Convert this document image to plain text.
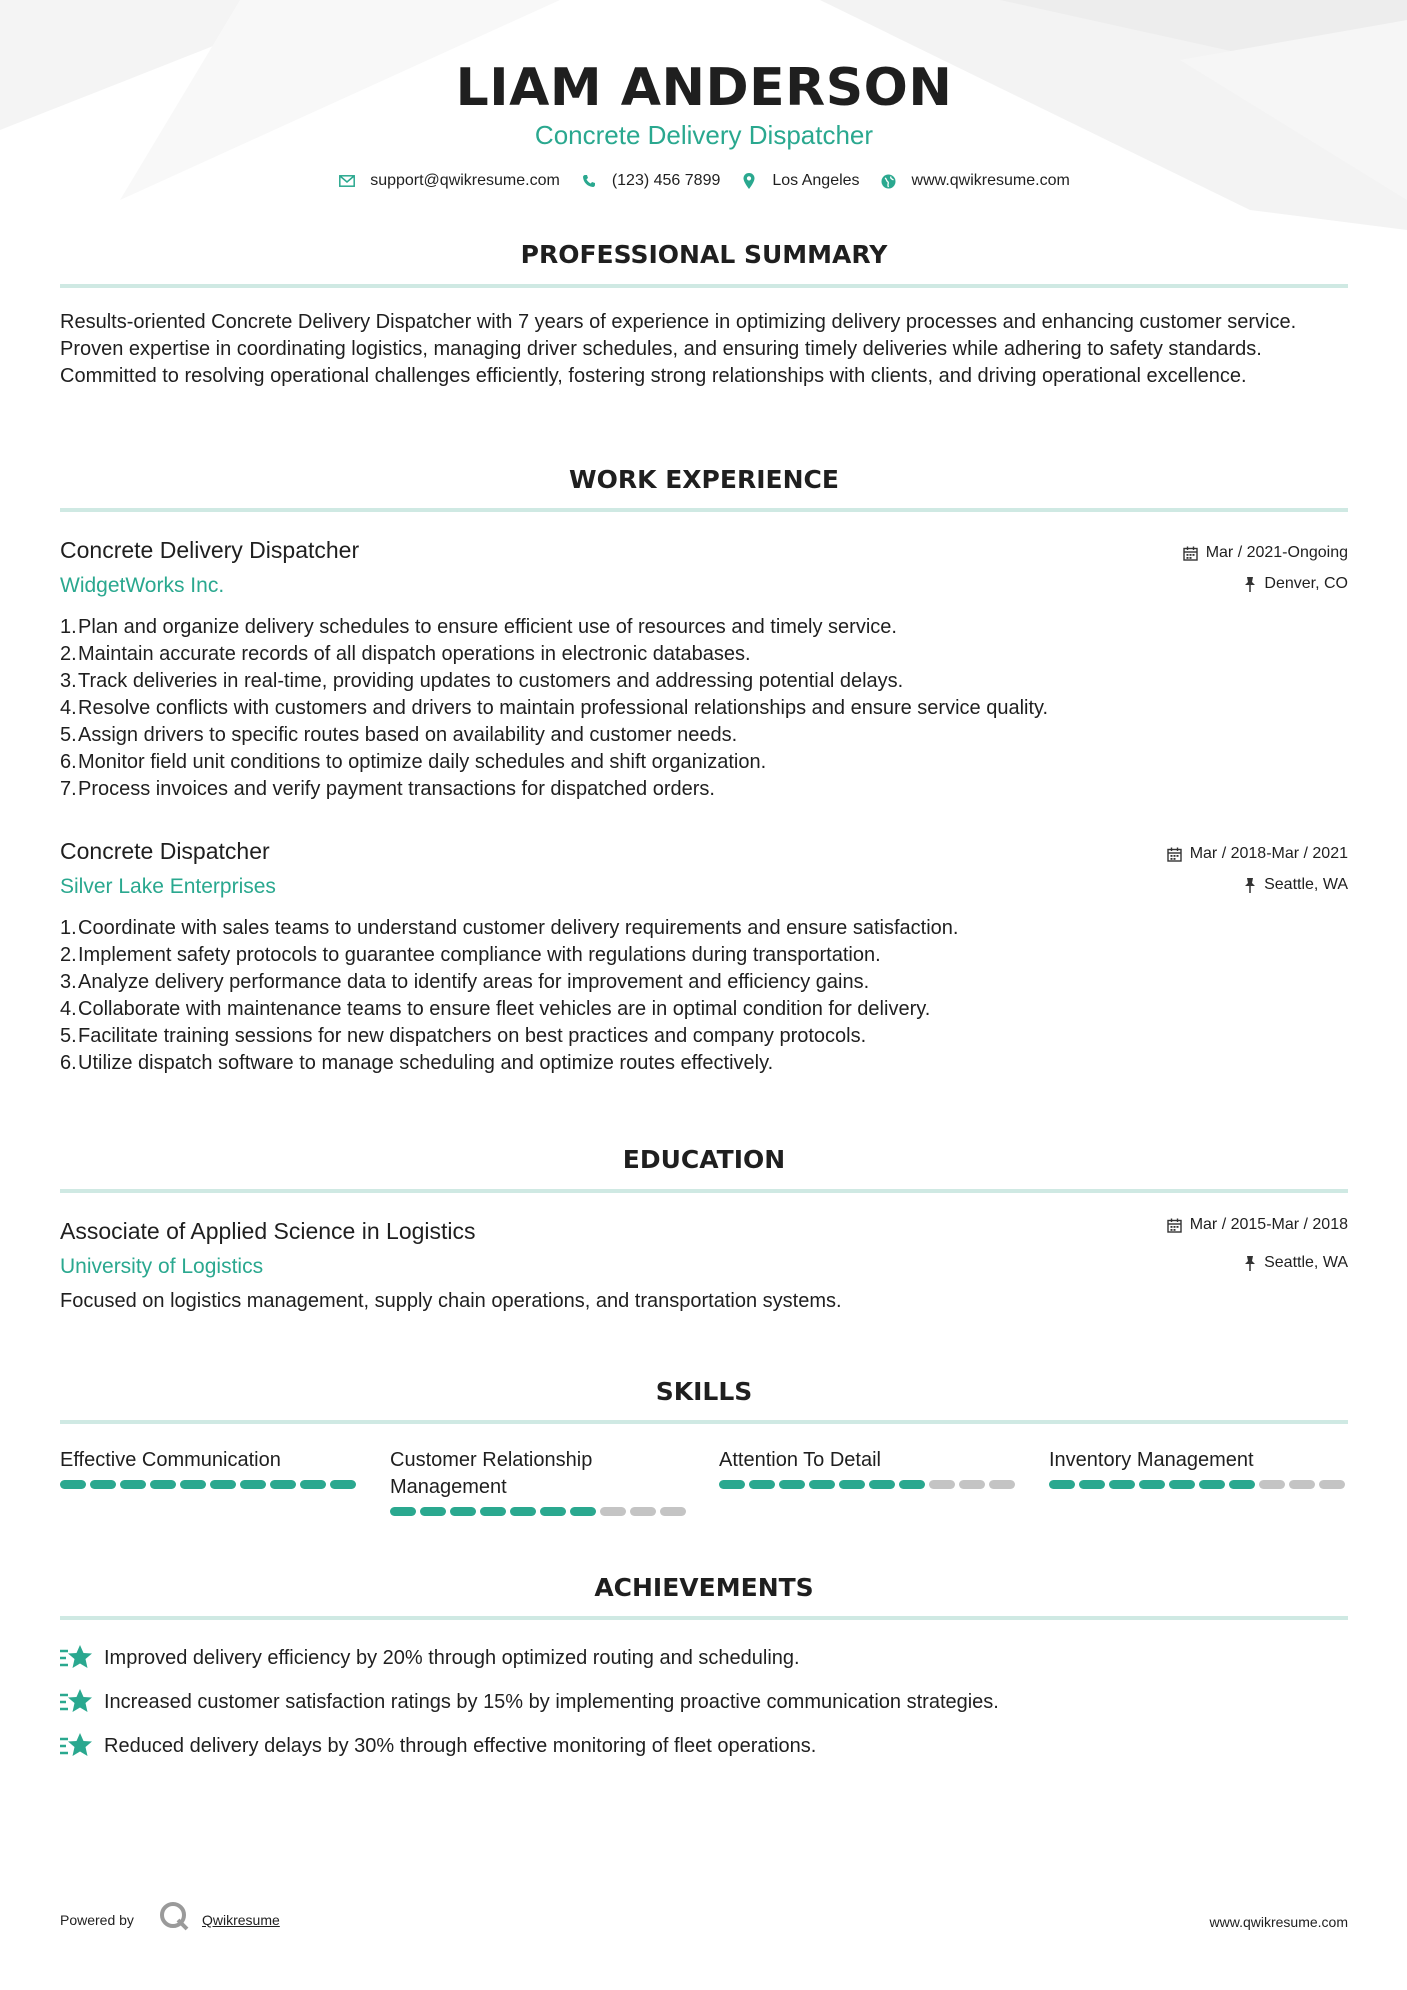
LIAM ANDERSON
Concrete Delivery Dispatcher
support@qwikresume.com	(123) 456 7899	Los Angeles	www.qwikresume.com
PROFESSIONAL SUMMARY
Results-oriented Concrete Delivery Dispatcher with 7 years of experience in optimizing delivery processes and enhancing customer service. Proven expertise in coordinating logistics, managing driver schedules, and ensuring timely deliveries while adhering to safety standards. Committed to resolving operational challenges efficiently, fostering strong relationships with clients, and driving operational excellence.
WORK EXPERIENCE
Concrete Delivery Dispatcher
WidgetWorks Inc.
Mar / 2021-Ongoing
Denver, CO
1. Plan and organize delivery schedules to ensure efficient use of resources and timely service.
2. Maintain accurate records of all dispatch operations in electronic databases.
3. Track deliveries in real-time, providing updates to customers and addressing potential delays.
4. Resolve conflicts with customers and drivers to maintain professional relationships and ensure service quality.
5. Assign drivers to specific routes based on availability and customer needs.
6. Monitor field unit conditions to optimize daily schedules and shift organization.
7. Process invoices and verify payment transactions for dispatched orders.
Concrete Dispatcher
Silver Lake Enterprises
Mar / 2018-Mar / 2021
Seattle, WA
1. Coordinate with sales teams to understand customer delivery requirements and ensure satisfaction.
2. Implement safety protocols to guarantee compliance with regulations during transportation.
3. Analyze delivery performance data to identify areas for improvement and efficiency gains.
4. Collaborate with maintenance teams to ensure fleet vehicles are in optimal condition for delivery.
5. Facilitate training sessions for new dispatchers on best practices and company protocols.
6. Utilize dispatch software to manage scheduling and optimize routes effectively.
EDUCATION
Associate of Applied Science in Logistics
University of Logistics
Mar / 2015-Mar / 2018
Seattle, WA
Focused on logistics management, supply chain operations, and transportation systems.
SKILLS
Effective Communication	Customer Relationship Management
Attention To Detail	Inventory Management
ACHIEVEMENTS
Improved delivery efficiency by 20% through optimized routing and scheduling.
Increased customer satisfaction ratings by 15% by implementing proactive communication strategies.
Reduced delivery delays by 30% through effective monitoring of fleet operations.
Powered by	Qwikresume	www.qwikresume.com
